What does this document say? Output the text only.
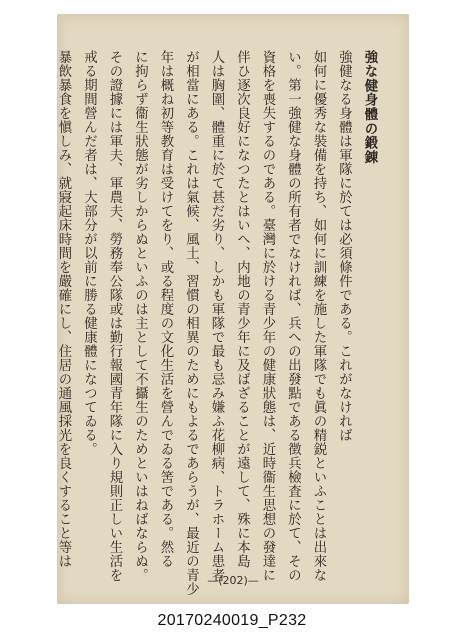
強な健身體の鍛錬
強健なる身體は軍隊に於ては必須條件である。これがなければ
如何に優秀な裝備を持ち、如何に訓練を施した軍隊でも眞の精鋭といふことは出來な
い。第一強健な身體の所有者でなければ、兵への出發點である徴兵檢査に於て、その
資格を喪失するのである。臺灣に於ける青少年の健康狀態は、近時衞生思想の發達に
伴ひ逐次良好になつたとはいへ、内地の青少年に及ばざることが遠して、殊に本島
人は胸圍、體重に於て甚だ劣り、しかも軍隊で最も忌み嫌ふ花柳病、トラホーム患者
が相當にある。これは氣候、風土、習慣の相異のためにもよるであらうが、最近の青少
年は概ね初等教育は受けてをり、或る程度の文化生活を營んでゐる筈である。然る
に拘らず衞生狀態が劣しからぬといふのは主として不攝生のためといはねばならぬ。
その證據には軍夫、軍農夫、勞務奉公隊或は勤行報國青年隊に入り規則正しい生活を
戒る期間營んだ者は、大部分が以前に勝る健康體になつてゐる。
暴飲暴食を愼しみ、就寢起床時間を嚴確にし、住居の通風採光を良くすること等は
—(202)—
20170240019_P232
